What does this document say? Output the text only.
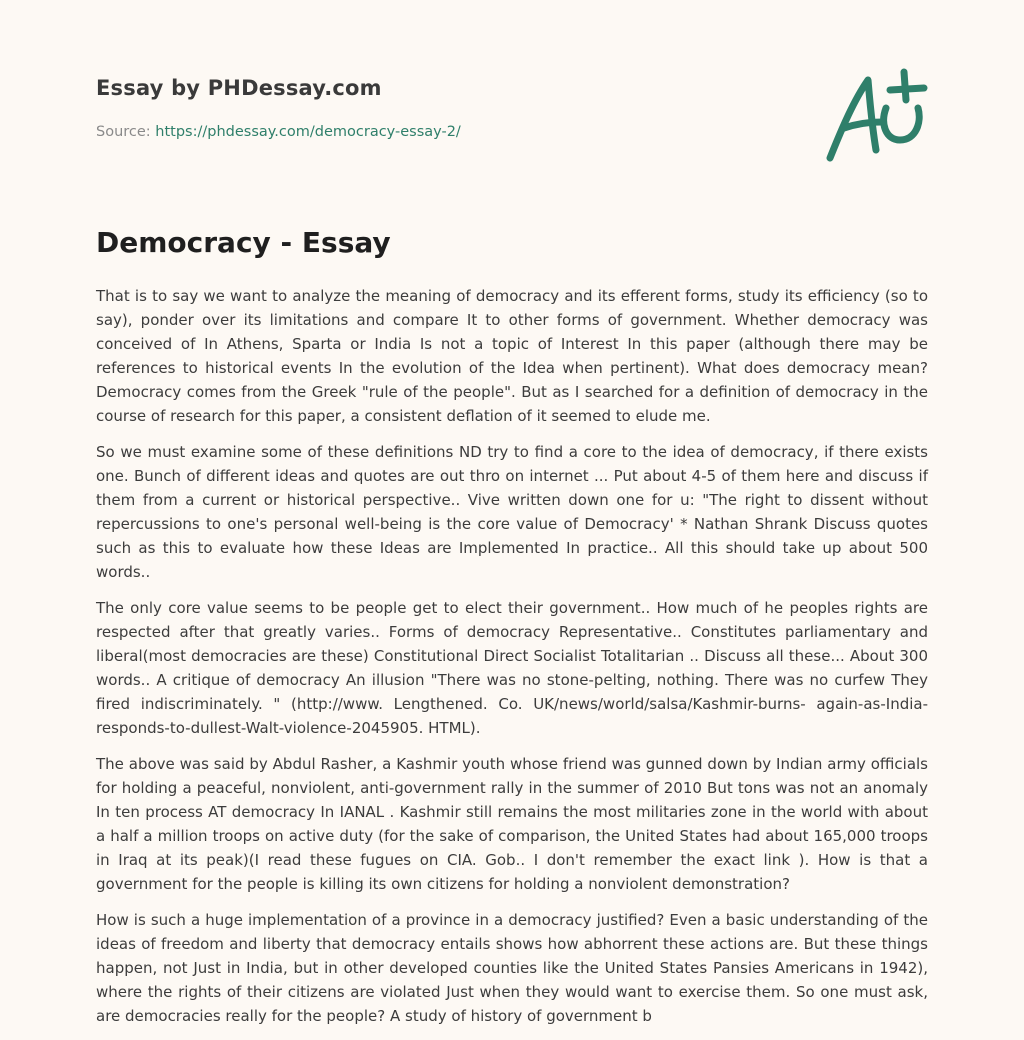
Essay by PHDessay.com
Source: https://phdessay.com/democracy-essay-2/
Democracy - Essay

That is to say we want to analyze the meaning of democracy and its efferent forms, study its efficiency (so to say), ponder over its limitations and compare It to other forms of government. Whether democracy was conceived of In Athens, Sparta or India Is not a topic of Interest In this paper (although there may be references to historical events In the evolution of the Idea when pertinent). What does democracy mean? Democracy comes from the Greek "rule of the people". But as I searched for a definition of democracy in the course of research for this paper, a consistent deflation of it seemed to elude me.

So we must examine some of these definitions ND try to find a core to the idea of democracy, if there exists one. Bunch of different ideas and quotes are out thro on internet ... Put about 4-5 of them here and discuss if them from a current or historical perspective.. Vive written down one for u: "The right to dissent without repercussions to one's personal well-being is the core value of Democracy' * Nathan Shrank Discuss quotes such as this to evaluate how these Ideas are Implemented In practice.. All this should take up about 500 words..

The only core value seems to be people get to elect their government.. How much of he peoples rights are respected after that greatly varies.. Forms of democracy Representative.. Constitutes parliamentary and liberal(most democracies are these) Constitutional Direct Socialist Totalitarian .. Discuss all these... About 300 words.. A critique of democracy An illusion "There was no stone-pelting, nothing. There was no curfew They fired indiscriminately. " (http://www. Lengthened. Co. UK/news/world/salsa/Kashmir-burns- again-as-India-responds-to-dullest-Walt-violence-2045905. HTML).

The above was said by Abdul Rasher, a Kashmir youth whose friend was gunned down by Indian army officials for holding a peaceful, nonviolent, anti-government rally in the summer of 2010 But tons was not an anomaly In ten process AT democracy In IANAL . Kashmir still remains the most militaries zone in the world with about a half a million troops on active duty (for the sake of comparison, the United States had about 165,000 troops in Iraq at its peak)(I read these fugues on CIA. Gob.. I don't remember the exact link ). How is that a government for the people is killing its own citizens for holding a nonviolent demonstration?

How is such a huge implementation of a province in a democracy justified? Even a basic understanding of the ideas of freedom and liberty that democracy entails shows how abhorrent these actions are. But these things happen, not Just in India, but in other developed counties like the United States Pansies Americans in 1942), where the rights of their citizens are violated Just when they would want to exercise them. So one must ask, are democracies really for the people? A study of history of government b
